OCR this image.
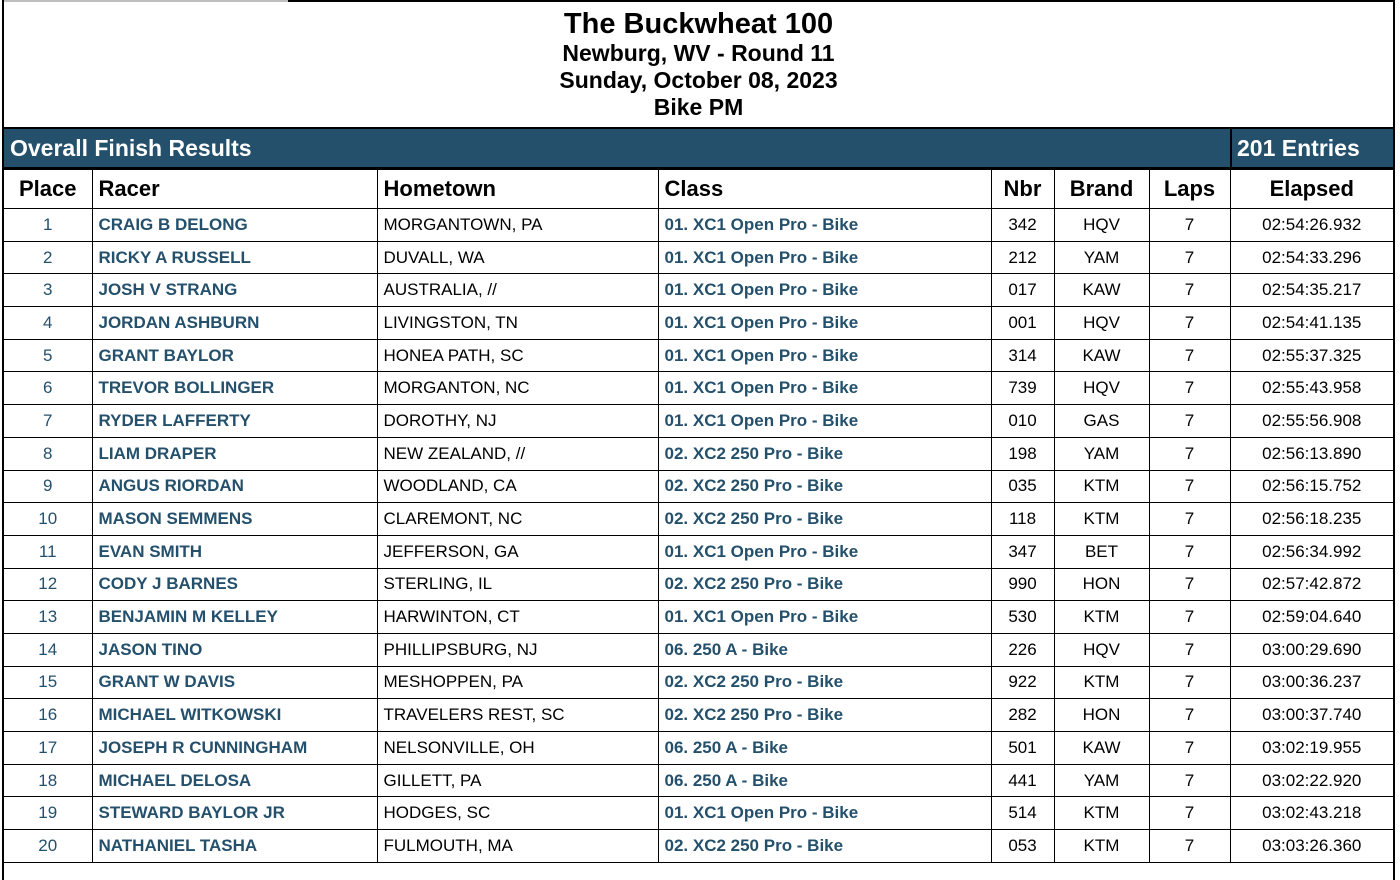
The Buckwheat 100
Newburg, WV - Round 11
Sunday, October 08, 2023
Bike PM
Overall Finish Results	201 Entries
Place	Racer	Hometown	Class	Nbr	Brand	Laps	Elapsed
1	CRAIG B DELONG	MORGANTOWN, PA	01. XC1 Open Pro - Bike	342	HQV	7	02:54:26.932
2	RICKY A RUSSELL	DUVALL, WA	01. XC1 Open Pro - Bike	212	YAM	7	02:54:33.296
3	JOSH V STRANG	AUSTRALIA, //	01. XC1 Open Pro - Bike	017	KAW	7	02:54:35.217
4	JORDAN ASHBURN	LIVINGSTON, TN	01. XC1 Open Pro - Bike	001	HQV	7	02:54:41.135
5	GRANT BAYLOR	HONEA PATH, SC	01. XC1 Open Pro - Bike	314	KAW	7	02:55:37.325
6	TREVOR BOLLINGER	MORGANTON, NC	01. XC1 Open Pro - Bike	739	HQV	7	02:55:43.958
7	RYDER LAFFERTY	DOROTHY, NJ	01. XC1 Open Pro - Bike	010	GAS	7	02:55:56.908
8	LIAM DRAPER	NEW ZEALAND, //	02. XC2 250 Pro - Bike	198	YAM	7	02:56:13.890
9	ANGUS RIORDAN	WOODLAND, CA	02. XC2 250 Pro - Bike	035	KTM	7	02:56:15.752
10	MASON SEMMENS	CLAREMONT, NC	02. XC2 250 Pro - Bike	118	KTM	7	02:56:18.235
11	EVAN SMITH	JEFFERSON, GA	01. XC1 Open Pro - Bike	347	BET	7	02:56:34.992
12	CODY J BARNES	STERLING, IL	02. XC2 250 Pro - Bike	990	HON	7	02:57:42.872
13	BENJAMIN M KELLEY	HARWINTON, CT	01. XC1 Open Pro - Bike	530	KTM	7	02:59:04.640
14	JASON TINO	PHILLIPSBURG, NJ	06. 250 A - Bike	226	HQV	7	03:00:29.690
15	GRANT W DAVIS	MESHOPPEN, PA	02. XC2 250 Pro - Bike	922	KTM	7	03:00:36.237
16	MICHAEL WITKOWSKI	TRAVELERS REST, SC	02. XC2 250 Pro - Bike	282	HON	7	03:00:37.740
17	JOSEPH R CUNNINGHAM	NELSONVILLE, OH	06. 250 A - Bike	501	KAW	7	03:02:19.955
18	MICHAEL DELOSA	GILLETT, PA	06. 250 A - Bike	441	YAM	7	03:02:22.920
19	STEWARD BAYLOR JR	HODGES, SC	01. XC1 Open Pro - Bike	514	KTM	7	03:02:43.218
20	NATHANIEL TASHA	FULMOUTH, MA	02. XC2 250 Pro - Bike	053	KTM	7	03:03:26.360
